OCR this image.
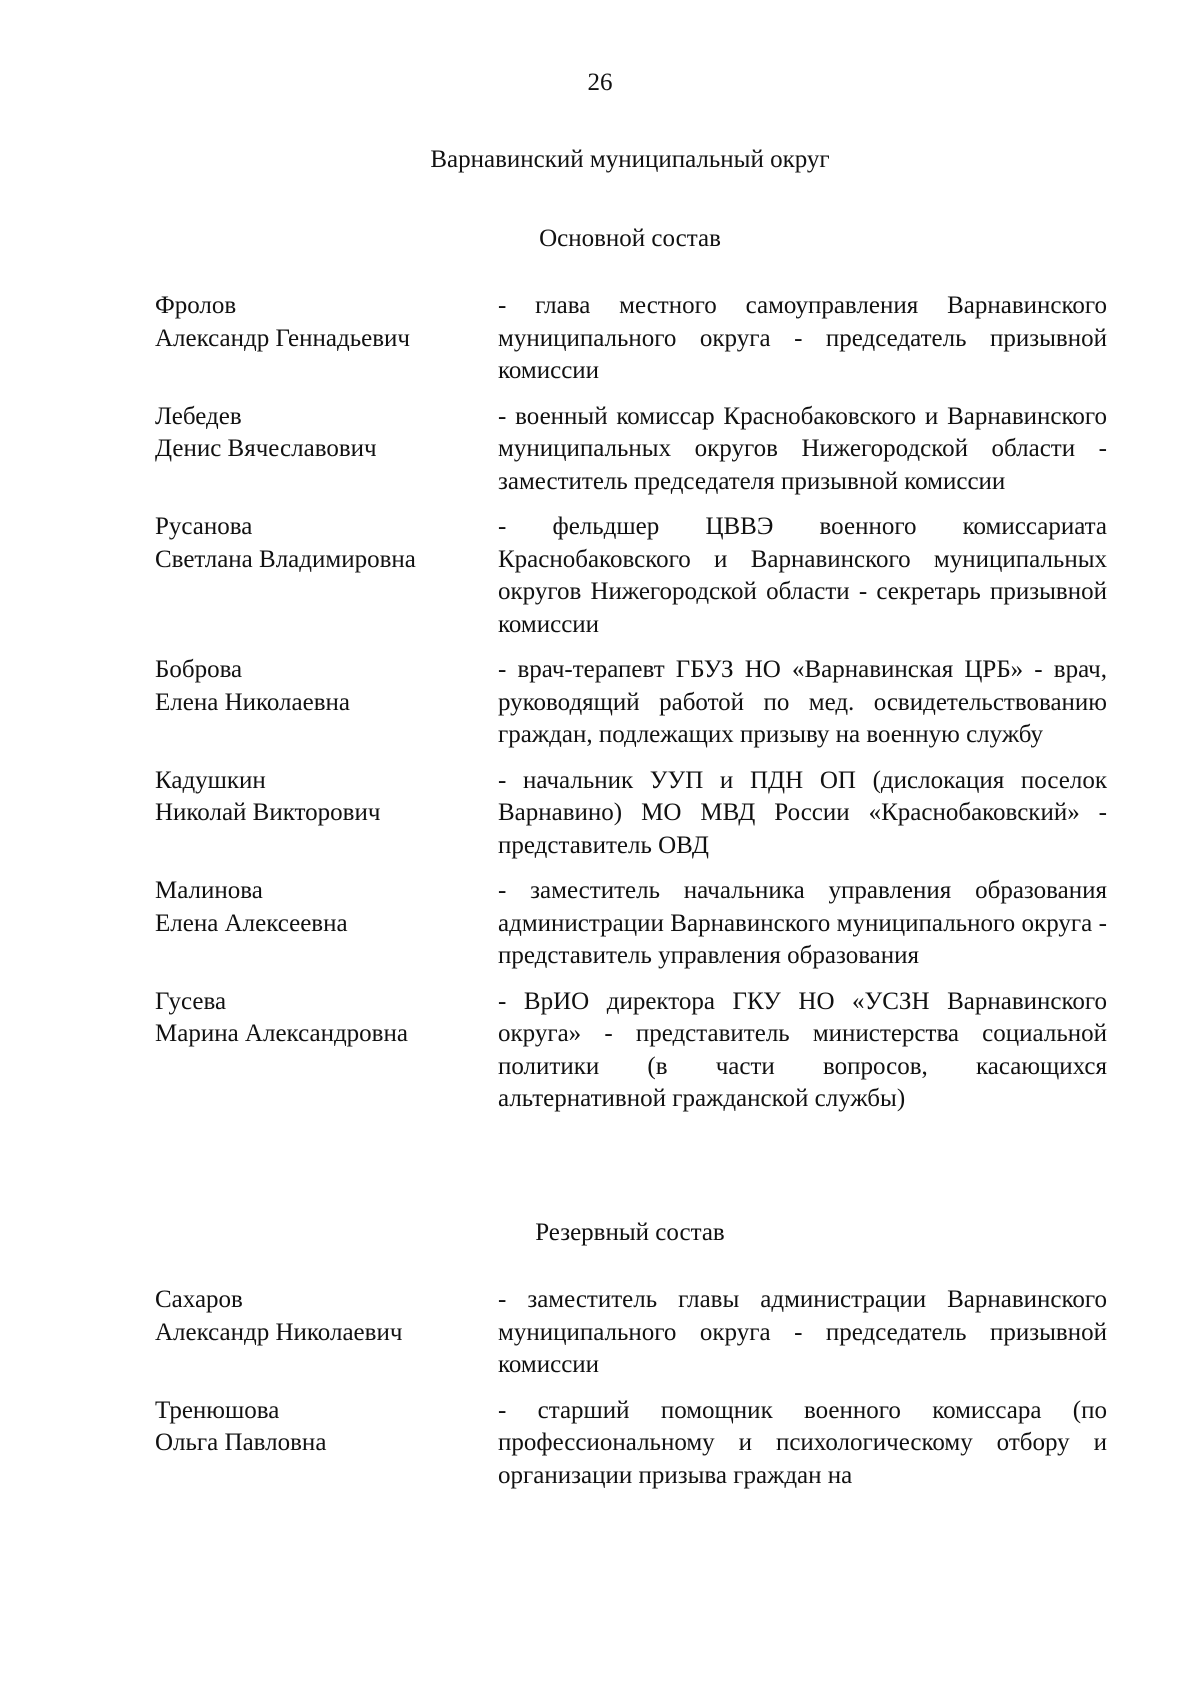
26
Варнавинский муниципальный округ
Основной состав
Фролов
Александр Геннадьевич
- глава местного самоуправления Варнавинского муниципального округа - председатель призывной комиссии
Лебедев
Денис Вячеславович
- военный комиссар Краснобаковского и Варнавинского муниципальных округов Нижегородской области - заместитель председателя призывной комиссии
Русанова
Светлана Владимировна
- фельдшер ЦВВЭ военного комиссариата Краснобаковского и Варнавинского муниципальных округов Нижегородской области - секретарь призывной комиссии
Боброва
Елена Николаевна
- врач-терапевт ГБУЗ НО «Варнавинская ЦРБ» - врач, руководящий работой по мед. освидетельствованию граждан, подлежащих призыву на военную службу
Кадушкин
Николай Викторович
- начальник УУП и ПДН ОП (дислокация поселок Варнавино) МО МВД России «Краснобаковский» - представитель ОВД
Малинова
Елена Алексеевна
- заместитель начальника управления образования администрации Варнавинского муниципального округа - представитель управления образования
Гусева
Марина Александровна
- ВрИО директора ГКУ НО «УСЗН Варнавинского округа» - представитель министерства социальной политики (в части вопросов, касающихся альтернативной гражданской службы)
Резервный состав
Сахаров
Александр Николаевич
- заместитель главы администрации Варнавинского муниципального округа - председатель призывной комиссии
Тренюшова
Ольга Павловна
- старший помощник военного комиссара (по профессиональному и психологическому отбору и организации призыва граждан на
